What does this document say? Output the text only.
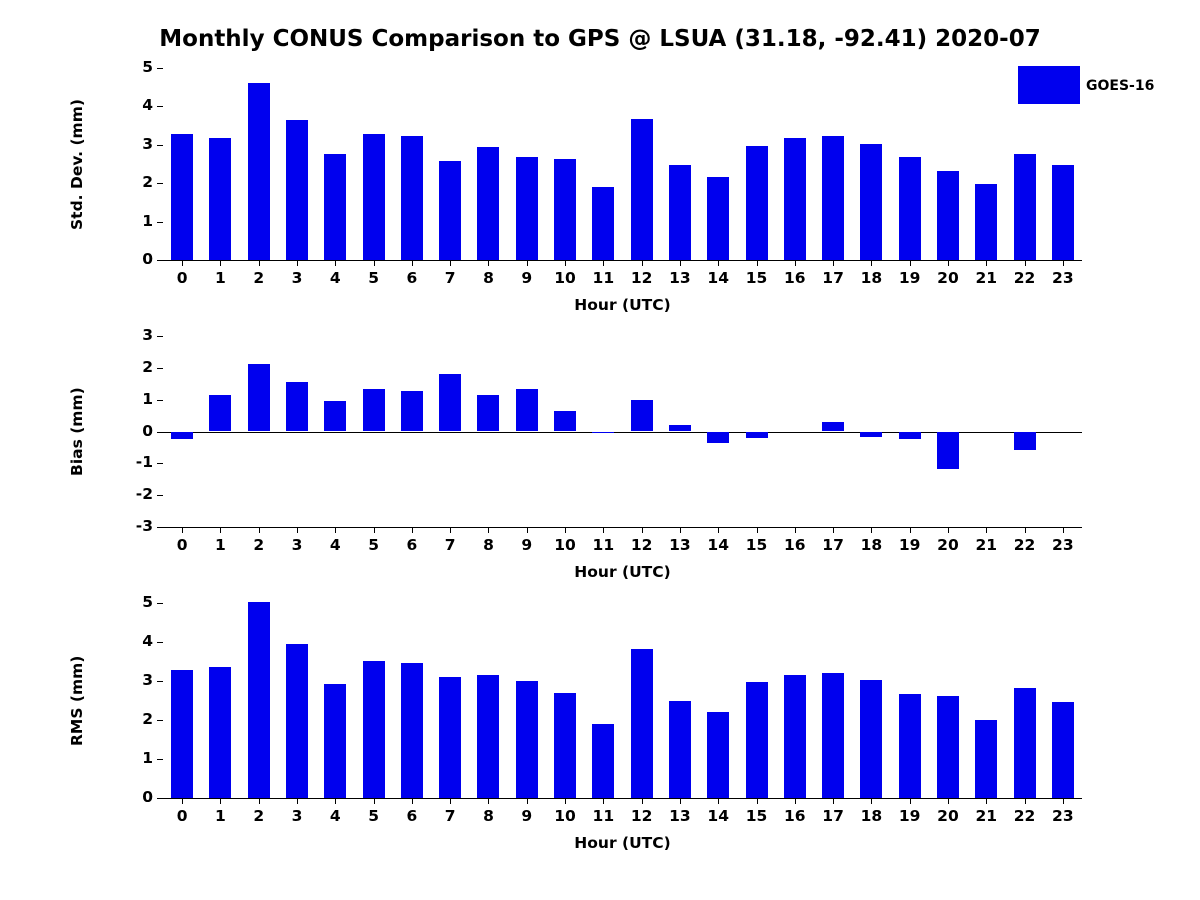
Monthly CONUS Comparison to GPS @ LSUA (31.18, -92.41) 2020-07
0
1
2
3
4
5
Std. Dev. (mm)
0	1	2	3	4	5	6	7	8	9	10	11	12	13	14	15	16	17	18	19	20	21	22	23
Hour (UTC)
-3
-2
-1
0
1
2
3
Bias (mm)
0	1	2	3	4	5	6	7	8	9	10	11	12	13	14	15	16	17	18	19	20	21	22	23
Hour (UTC)
0
1
2
3
4
5
RMS (mm)
0	1	2	3	4	5	6	7	8	9	10	11	12	13	14	15	16	17	18	19	20	21	22	23
Hour (UTC)
GOES-16
